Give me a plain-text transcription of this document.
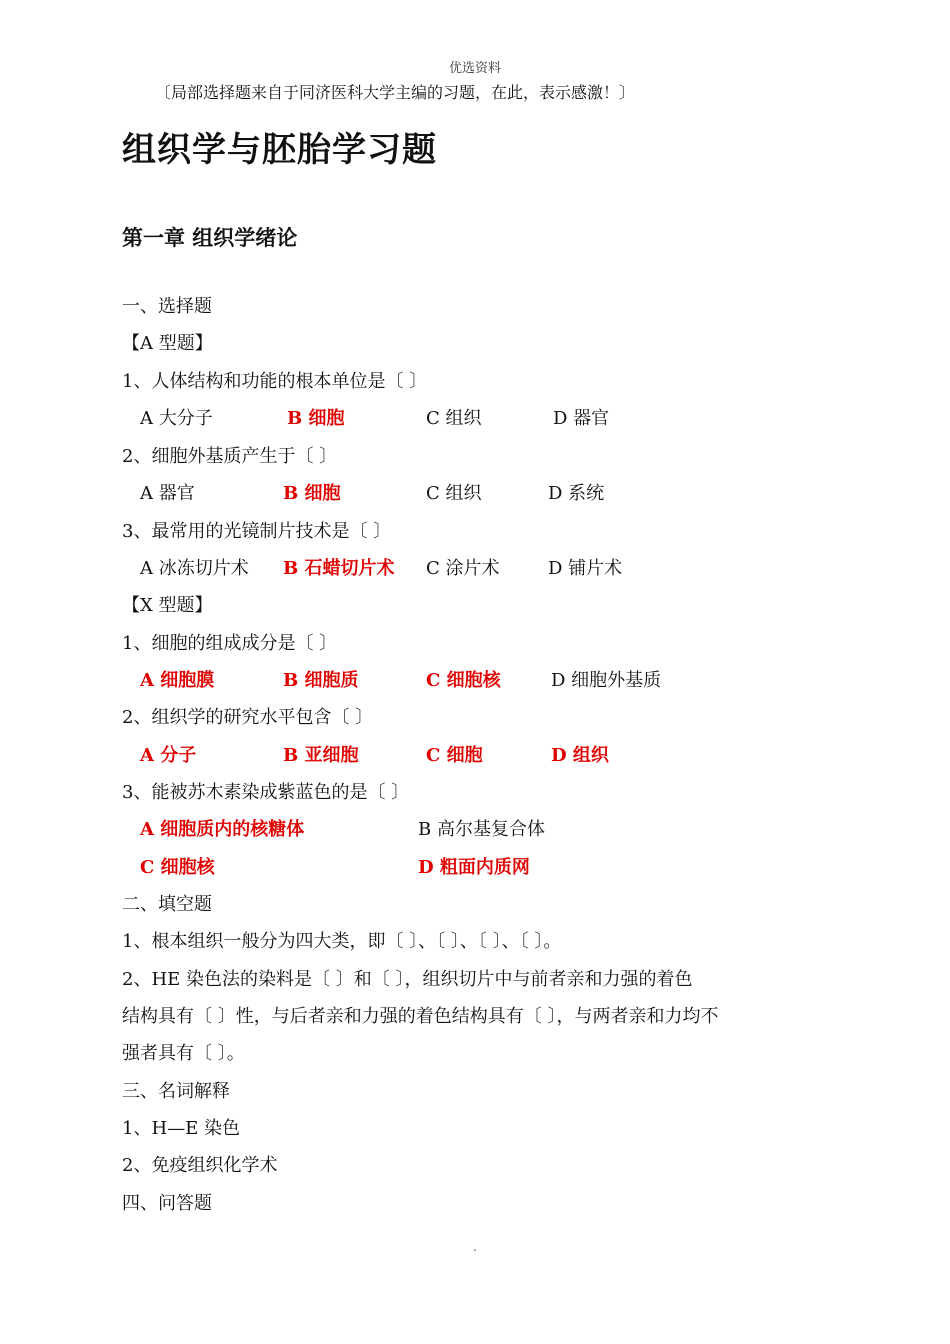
优选资料
〔局部选择题来自于同济医科大学主编的习题，在此，表示感激！〕
组织学与胚胎学习题
第一章 组织学绪论
一、选择题
【A 型题】
1、人体结构和功能的根本单位是〔 〕
A 大分子	B 细胞	C 组织	D 器官
2、细胞外基质产生于〔 〕
A 器官	B 细胞	C 组织	D 系统
3、最常用的光镜制片技术是〔 〕
A 冰冻切片术 B 石蜡切片术 C 涂片术	D 铺片术
【X 型题】
1、细胞的组成成分是〔 〕
A 细胞膜	B 细胞质	C 细胞核	D 细胞外基质
2、组织学的研究水平包含〔 〕
A 分子	B 亚细胞	C 细胞	D 组织
3、能被苏木素染成紫蓝色的是〔 〕
A 细胞质内的核糖体	B 高尔基复合体
C 细胞核	D 粗面内质网
二、填空题
1、根本组织一般分为四大类，即〔 〕、〔 〕、〔 〕、〔 〕。
2、HE 染色法的染料是〔 〕和〔 〕，组织切片中与前者亲和力强的着色
结构具有〔 〕性，与后者亲和力强的着色结构具有〔 〕，与两者亲和力均不
强者具有〔 〕。
三、名词解释
1、H—E 染色
2、免疫组织化学术
四、问答题
.
